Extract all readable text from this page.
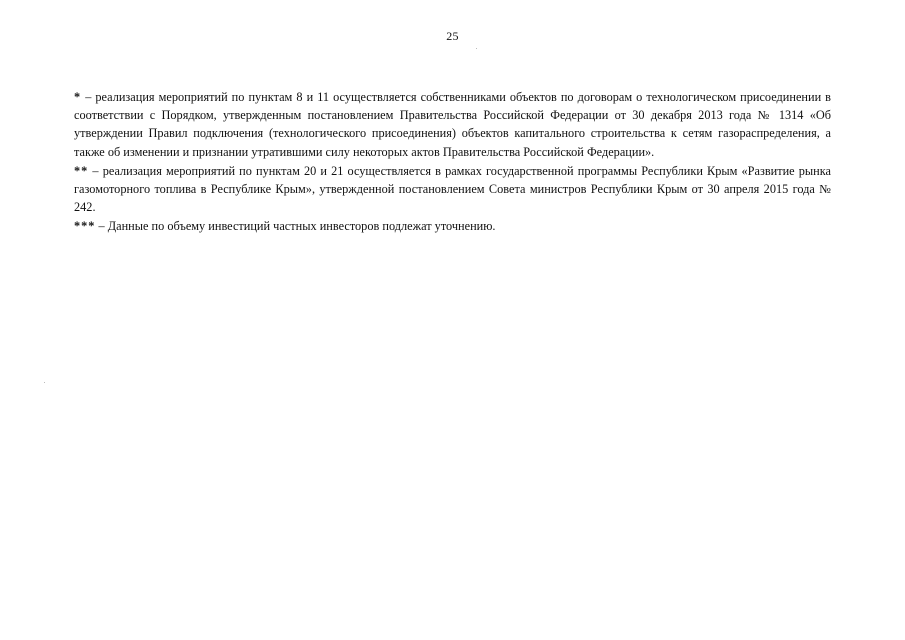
25

* – реализация мероприятий по пунктам 8 и 11 осуществляется собственниками объектов по договорам о технологическом присоединении в соответствии с Порядком, утвержденным постановлением Правительства Российской Федерации от 30 декабря 2013 года № 1314 «Об утверждении Правил подключения (технологического присоединения) объектов капитального строительства к сетям газораспределения, а также об изменении и признании утратившими силу некоторых актов Правительства Российской Федерации».

** – реализация мероприятий по пунктам 20 и 21 осуществляется в рамках государственной программы Республики Крым «Развитие рынка газомоторного топлива в Республике Крым», утвержденной постановлением Совета министров Республики Крым от 30 апреля 2015 года № 242.

*** – Данные по объему инвестиций частных инвесторов подлежат уточнению.
